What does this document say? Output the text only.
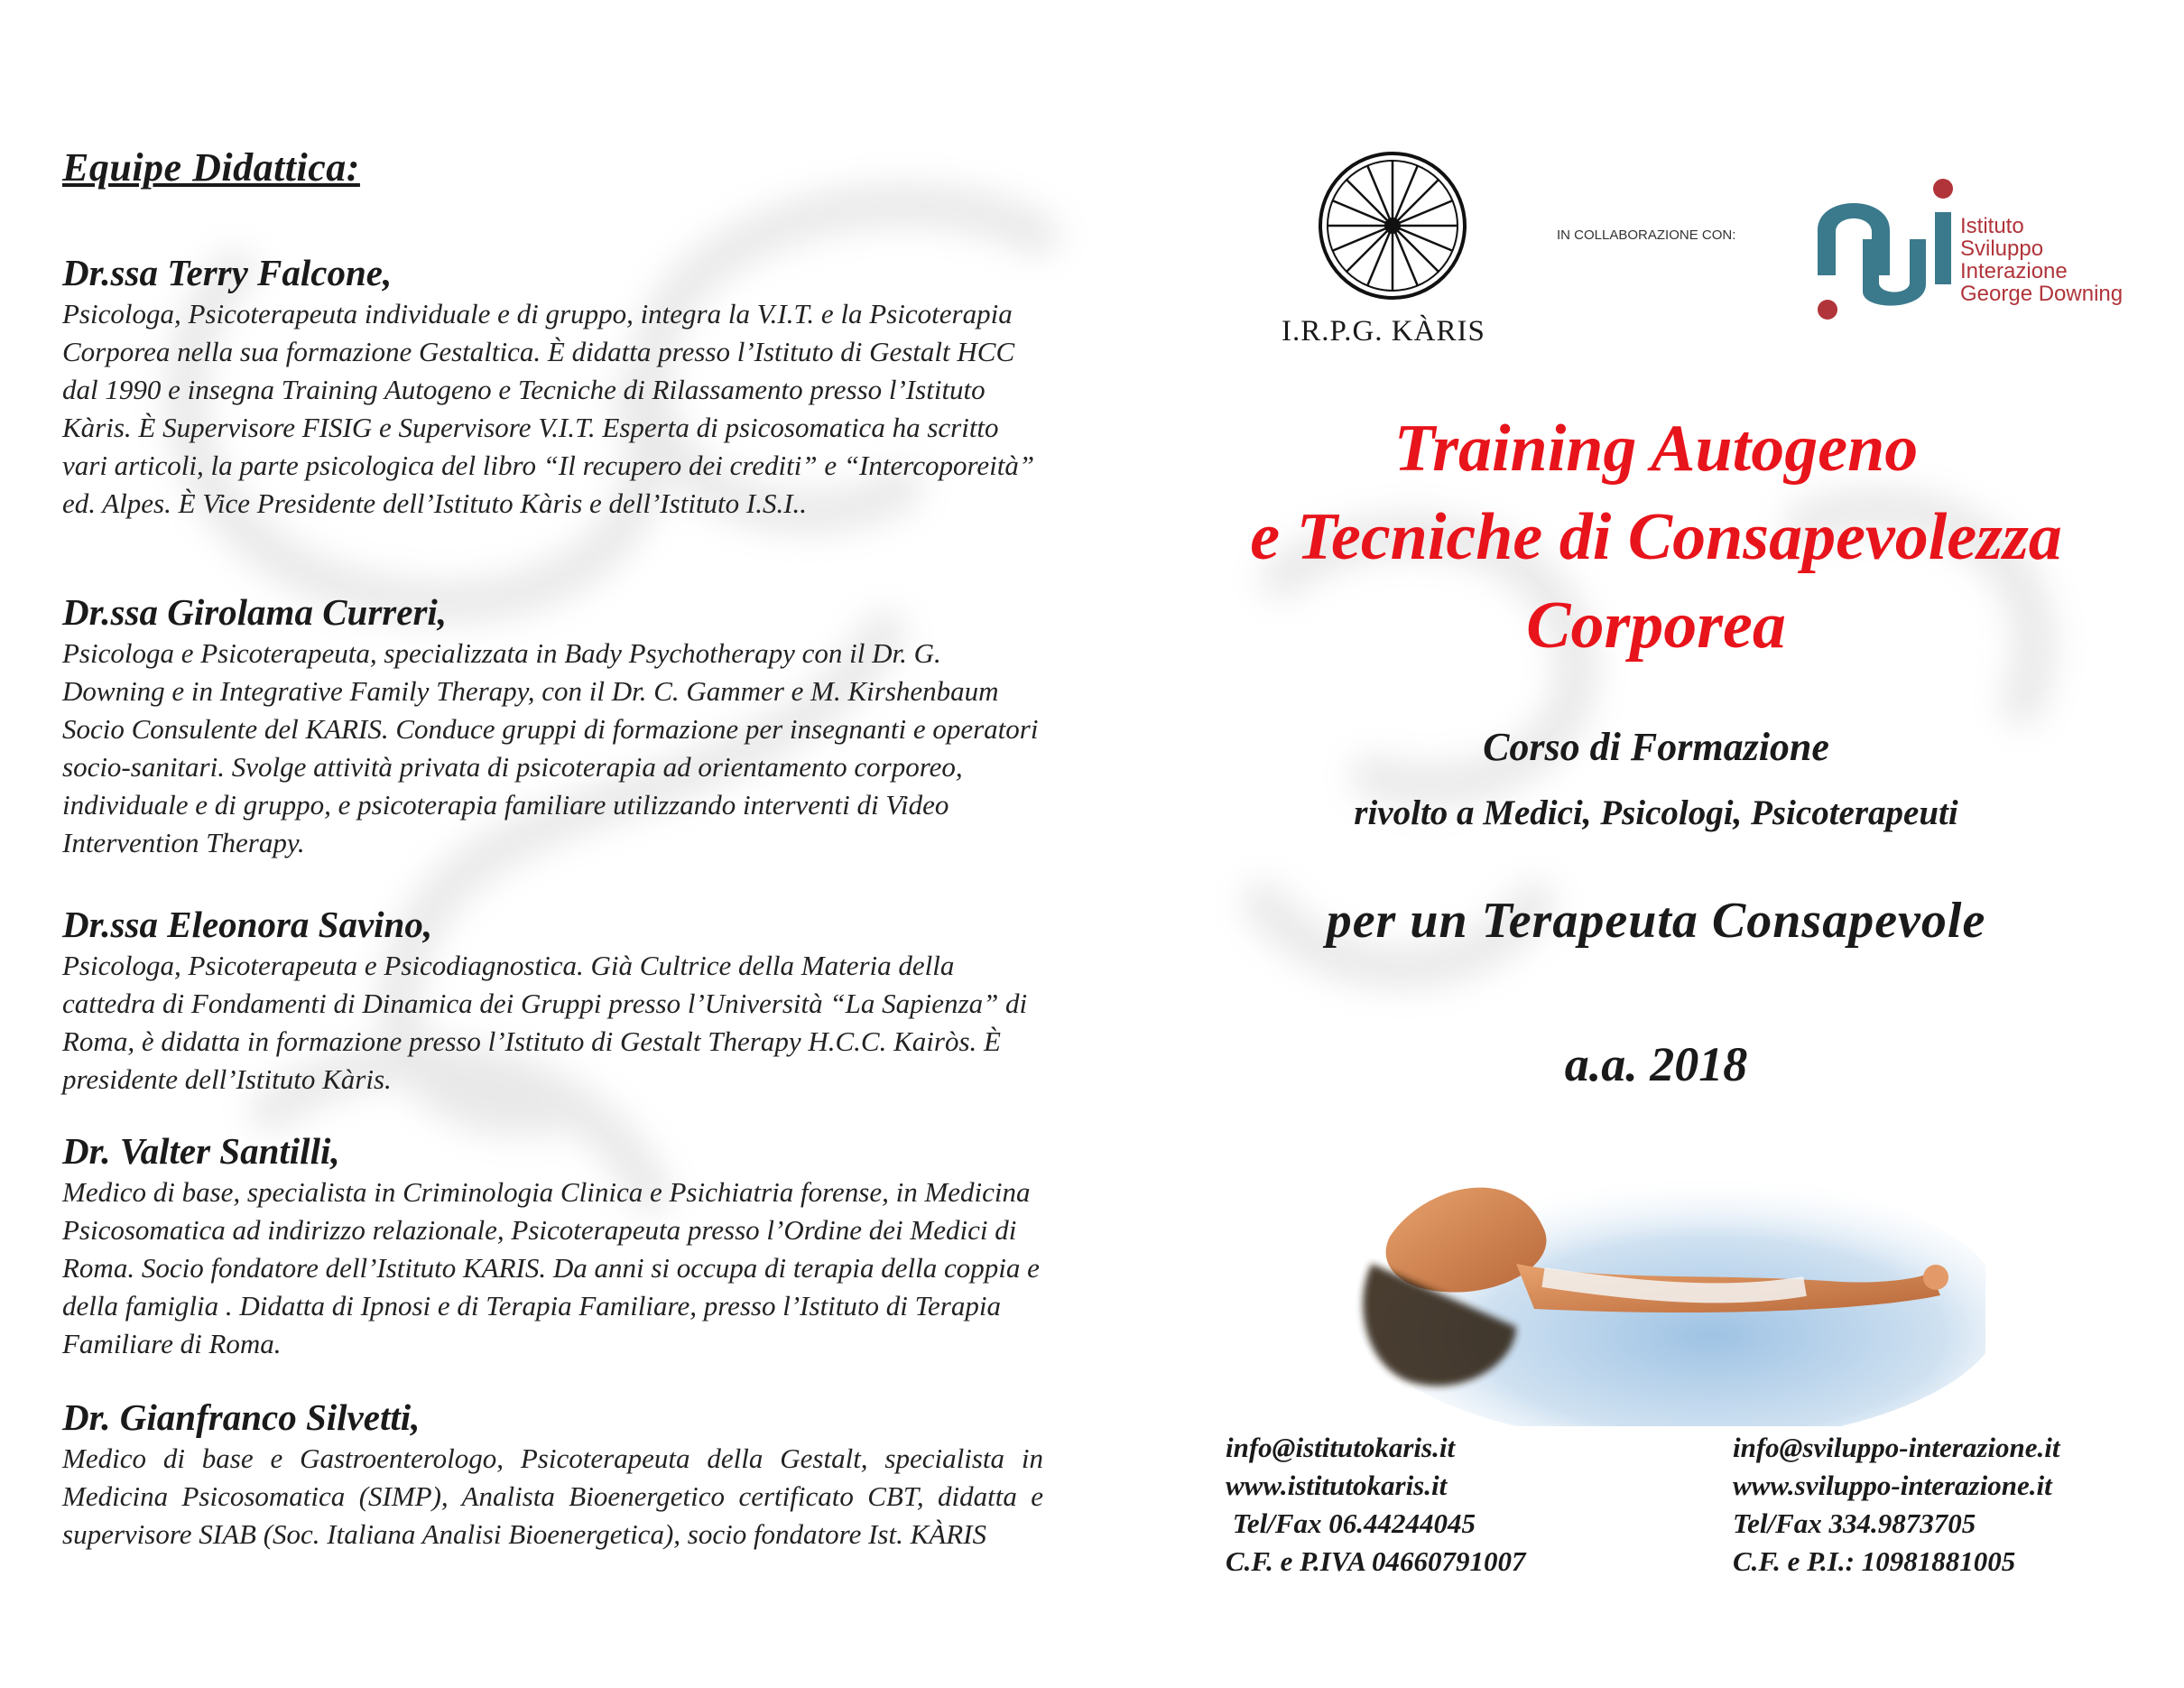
Equipe Didattica:

Dr.ssa Terry Falcone,

Psicologa, Psicoterapeuta individuale e di gruppo, integra la V.I.T. e la Psicoterapia Corporea nella sua formazione Gestaltica. È didatta presso l’Istituto di Gestalt HCC dal 1990 e insegna Training Autogeno e Tecniche di Rilassamento presso l’Istituto Kàris. È Supervisore FISIG e Supervisore V.I.T. Esperta di psicosomatica ha scritto vari articoli, la parte psicologica del libro “Il recupero dei crediti” e “Intercoporeità” ed. Alpes. È Vice Presidente dell’Istituto Kàris e dell’Istituto I.S.I..

Dr.ssa Girolama Curreri,

Psicologa e Psicoterapeuta, specializzata in Bady Psychotherapy con il Dr. G. Downing e in Integrative Family Therapy, con il Dr. C. Gammer e M. Kirshenbaum Socio Consulente del KARIS. Conduce gruppi di formazione per insegnanti e operatori socio-sanitari. Svolge attività privata di psicoterapia ad orientamento corporeo, individuale e di gruppo, e psicoterapia familiare utilizzando interventi di Video Intervention Therapy.

Dr.ssa Eleonora Savino,

Psicologa, Psicoterapeuta e Psicodiagnostica. Già Cultrice della Materia della cattedra di Fondamenti di Dinamica dei Gruppi presso l’Università “La Sapienza” di Roma, è didatta in formazione presso l’Istituto di Gestalt Therapy H.C.C. Kairòs. È presidente dell’Istituto Kàris.

Dr. Valter Santilli,

Medico di base, specialista in Criminologia Clinica e Psichiatria forense, in Medicina Psicosomatica ad indirizzo relazionale, Psicoterapeuta presso l’Ordine dei Medici di Roma. Socio fondatore dell’Istituto KARIS. Da anni si occupa di terapia della coppia e della famiglia . Didatta di Ipnosi e di Terapia Familiare, presso l’Istituto di Terapia Familiare di Roma.

Dr. Gianfranco Silvetti,

Medico di base e Gastroenterologo, Psicoterapeuta della Gestalt, specialista in Medicina Psicosomatica (SIMP), Analista Bioenergetico certificato CBT, didatta e supervisore SIAB (Soc. Italiana Analisi Bioenergetica), socio fondatore Ist. KÀRIS

I.R.P.G. KÀRIS
IN COLLABORAZIONE CON:	Istituto
Sviluppo
Interazione
George Downing
Training Autogeno
e Tecniche di Consapevolezza
Corporea
Corso di Formazione
rivolto a Medici, Psicologi, Psicoterapeuti
per un Terapeuta Consapevole
a.a. 2018
info@istitutokaris.it
www.istitutokaris.it
Tel/Fax 06.44244045
C.F. e P.IVA 04660791007
info@sviluppo-interazione.it
www.sviluppo-interazione.it
Tel/Fax 334.9873705
C.F. e P.I.: 10981881005
